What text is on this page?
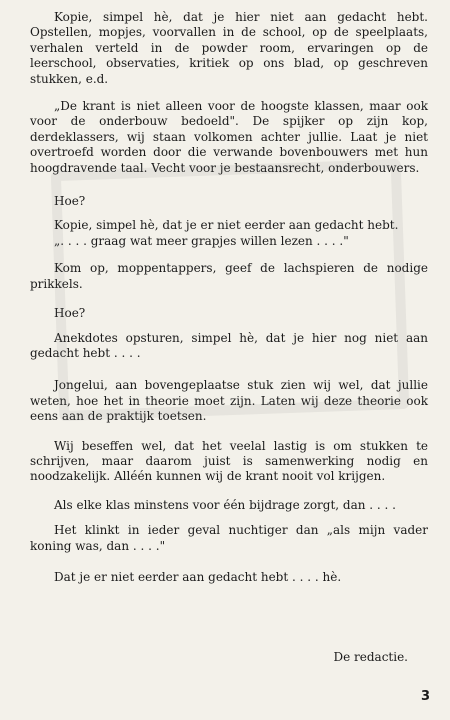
Kopie, simpel hè, dat je hier niet aan gedacht hebt. Opstellen, mopjes, voorvallen in de school, op de speelplaats, verhalen verteld in de powder room, ervaringen op de leerschool, observaties, kritiek op ons blad, op geschreven stukken, e.d.

„De krant is niet alleen voor de hoogste klassen, maar ook voor de onderbouw bedoeld". De spijker op zijn kop, derdeklassers, wij staan volkomen achter jullie. Laat je niet overtroefd worden door die verwande bovenbouwers met hun hoogdravende taal. Vecht voor je bestaansrecht, onderbouwers.

Hoe?

Kopie, simpel hè, dat je er niet eerder aan gedacht hebt.
„. . . . graag wat meer grapjes willen lezen . . . ."

Kom op, moppentappers, geef de lachspieren de nodige prikkels.

Hoe?

Anekdotes opsturen, simpel hè, dat je hier nog niet aan gedacht hebt . . . .

Jongelui, aan bovengeplaatse stuk zien wij wel, dat jullie weten, hoe het in theorie moet zijn. Laten wij deze theorie ook eens aan de praktijk toetsen.

Wij beseffen wel, dat het veelal lastig is om stukken te schrijven, maar daarom juist is samenwerking nodig en noodzakelijk. Alléén kunnen wij de krant nooit vol krijgen.

Als elke klas minstens voor één bijdrage zorgt, dan . . . .

Het klinkt in ieder geval nuchtiger dan „als mijn vader koning was, dan . . . ."

Dat je er niet eerder aan gedacht hebt . . . . hè.

De redactie.
3
